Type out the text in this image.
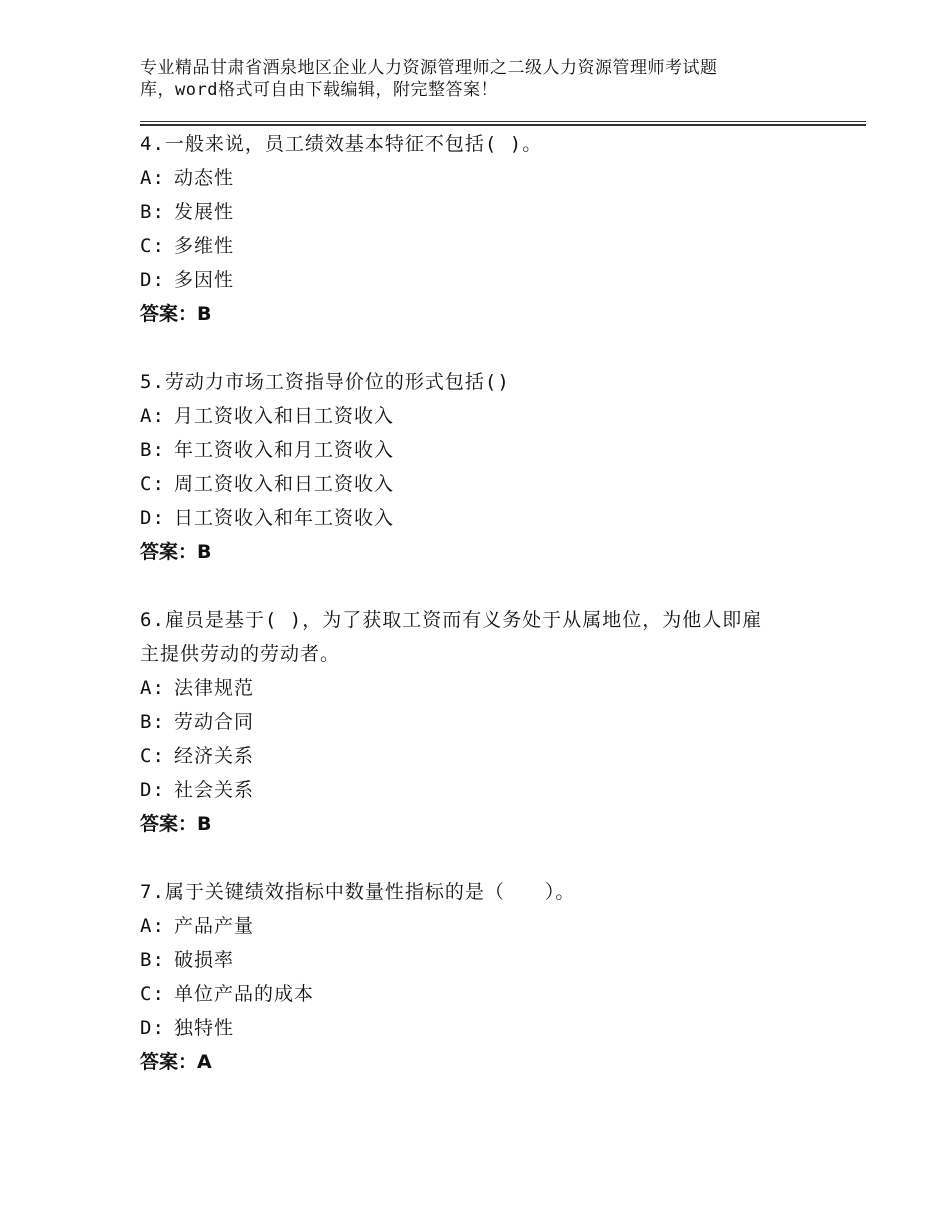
专业精品甘肃省酒泉地区企业人力资源管理师之二级人力资源管理师考试题
库，word格式可自由下载编辑，附完整答案！
4.一般来说，员工绩效基本特征不包括( )。
A: 动态性
B: 发展性
C: 多维性
D: 多因性
答案：B
5.劳动力市场工资指导价位的形式包括()
A: 月工资收入和日工资收入
B: 年工资收入和月工资收入
C: 周工资收入和日工资收入
D: 日工资收入和年工资收入
答案：B
6.雇员是基于( )，为了获取工资而有义务处于从属地位，为他人即雇
主提供劳动的劳动者。
A: 法律规范
B: 劳动合同
C: 经济关系
D: 社会关系
答案：B
7.属于关键绩效指标中数量性指标的是（　　）。
A: 产品产量
B: 破损率
C: 单位产品的成本
D: 独特性
答案：A
